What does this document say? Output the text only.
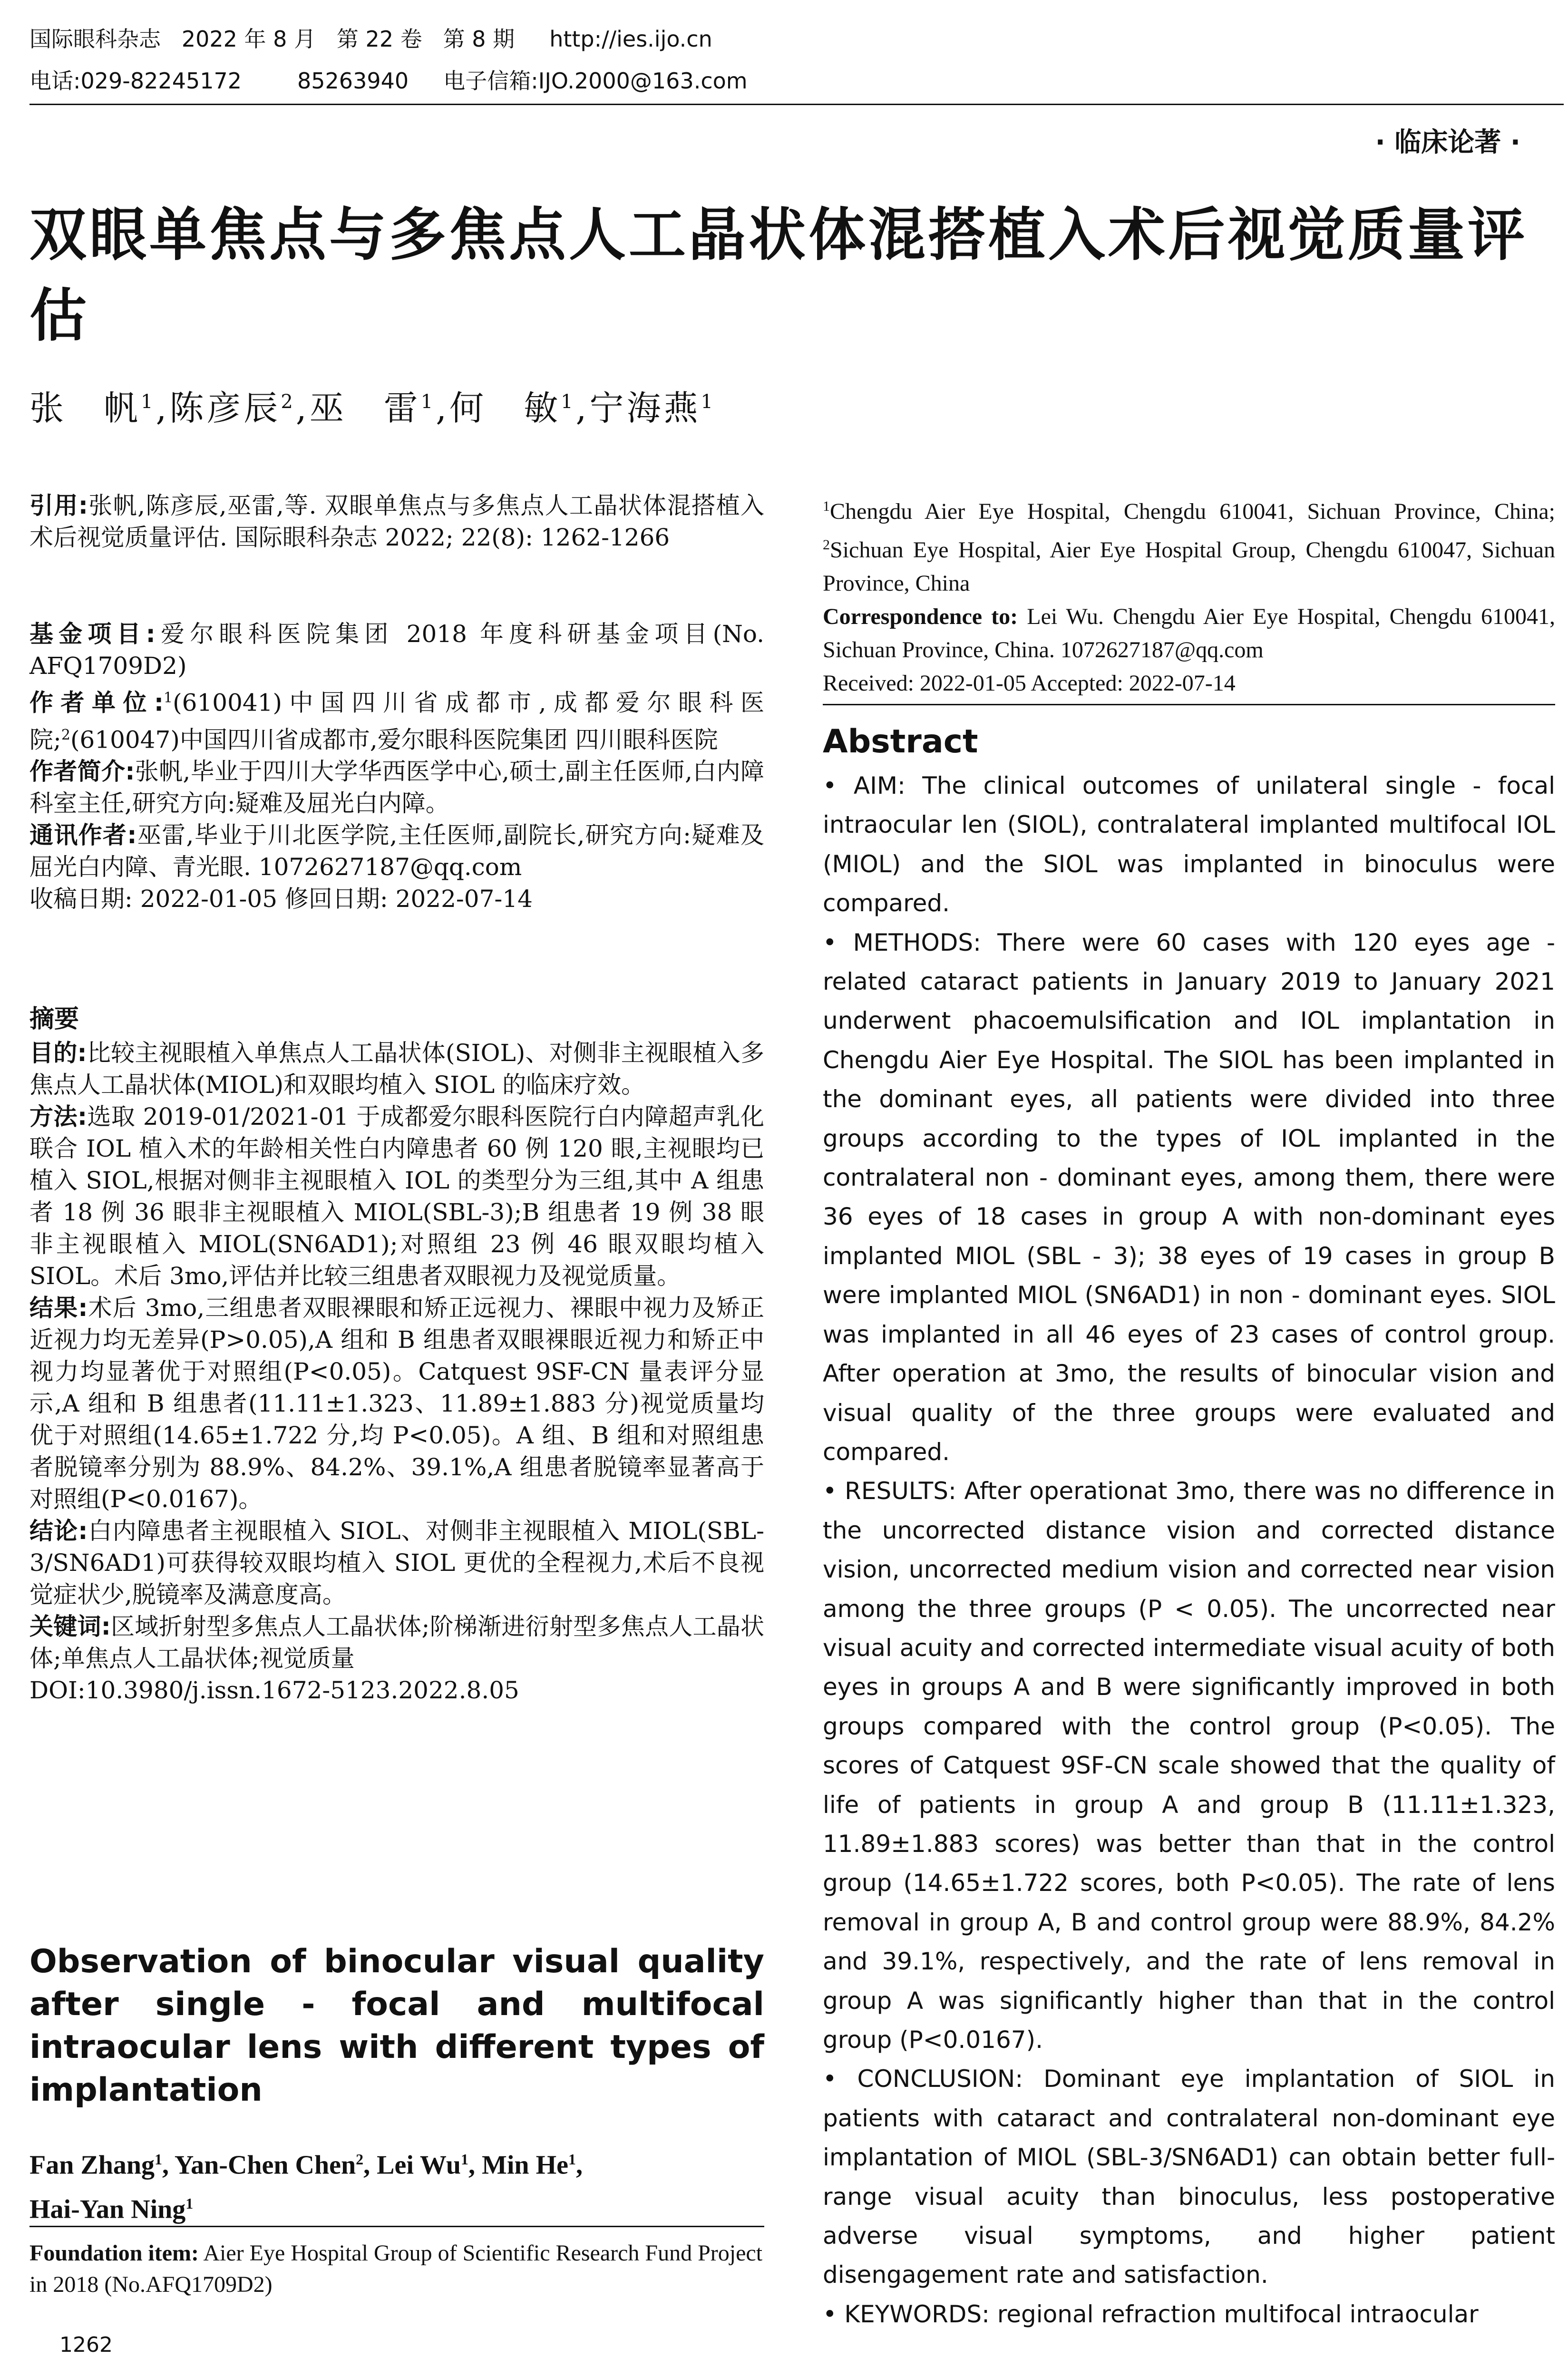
国际眼科杂志   2022 年 8 月   第 22 卷   第 8 期     http://ies.ijo.cn
电话:029-82245172        85263940     电子信箱:IJO.2000@163.com
· 临床论著 ·
双眼单焦点与多焦点人工晶状体混搭植入术后视觉质量评估
张　帆$^1$,陈彦辰$^2$,巫　雷$^1$,何　敏$^1$,宁海燕$^1$

引用:张帆,陈彦辰,巫雷,等. 双眼单焦点与多焦点人工晶状体混搭植入术后视觉质量评估. 国际眼科杂志 2022; 22(8): 1262-1266

基金项目:爱尔眼科医院集团 2018 年度科研基金项目(No. AFQ1709D2)

作者单位:$^1$(610041)中国四川省成都市,成都爱尔眼科医院;$^2$(610047)中国四川省成都市,爱尔眼科医院集团 四川眼科医院

作者简介:张帆,毕业于四川大学华西医学中心,硕士,副主任医师,白内障科室主任,研究方向:疑难及屈光白内障。

通讯作者:巫雷,毕业于川北医学院,主任医师,副院长,研究方向:疑难及屈光白内障、青光眼. 1072627187@qq.com

收稿日期: 2022-01-05 修回日期: 2022-07-14

摘要

目的:比较主视眼植入单焦点人工晶状体(SIOL)、对侧非主视眼植入多焦点人工晶状体(MIOL)和双眼均植入 SIOL 的临床疗效。

方法:选取 2019-01/2021-01 于成都爱尔眼科医院行白内障超声乳化联合 IOL 植入术的年龄相关性白内障患者 60 例 120 眼,主视眼均已植入 SIOL,根据对侧非主视眼植入 IOL 的类型分为三组,其中 A 组患者 18 例 36 眼非主视眼植入 MIOL(SBL-3);B 组患者 19 例 38 眼非主视眼植入 MIOL(SN6AD1);对照组 23 例 46 眼双眼均植入 SIOL。术后 3mo,评估并比较三组患者双眼视力及视觉质量。

结果:术后 3mo,三组患者双眼裸眼和矫正远视力、裸眼中视力及矫正近视力均无差异(P>0.05),A 组和 B 组患者双眼裸眼近视力和矫正中视力均显著优于对照组(P<0.05)。Catquest 9SF-CN 量表评分显示,A 组和 B 组患者(11.11±1.323、11.89±1.883 分)视觉质量均优于对照组(14.65±1.722 分,均 P<0.05)。A 组、B 组和对照组患者脱镜率分别为 88.9%、84.2%、39.1%,A 组患者脱镜率显著高于对照组(P<0.0167)。

结论:白内障患者主视眼植入 SIOL、对侧非主视眼植入 MIOL(SBL-3/SN6AD1)可获得较双眼均植入 SIOL 更优的全程视力,术后不良视觉症状少,脱镜率及满意度高。

关键词:区域折射型多焦点人工晶状体;阶梯渐进衍射型多焦点人工晶状体;单焦点人工晶状体;视觉质量

DOI:10.3980/j.issn.1672-5123.2022.8.05

Observation of binocular visual quality after single - focal and multifocal intraocular lens with different types of implantation

Fan Zhang$^1$, Yan-Chen Chen$^2$, Lei Wu$^1$, Min He$^1$,
Hai-Yan Ning$^1$

Foundation item: Aier Eye Hospital Group of Scientific Research Fund Project in 2018 (No.AFQ1709D2)

$^1$Chengdu Aier Eye Hospital, Chengdu 610041, Sichuan Province, China; $^2$Sichuan Eye Hospital, Aier Eye Hospital Group, Chengdu 610047, Sichuan Province, China

Correspondence to: Lei Wu. Chengdu Aier Eye Hospital, Chengdu 610041, Sichuan Province, China. 1072627187@qq.com

Received: 2022-01-05 Accepted: 2022-07-14

Abstract

• AIM: The clinical outcomes of unilateral single - focal intraocular len (SIOL), contralateral implanted multifocal IOL (MIOL) and the SIOL was implanted in binoculus were compared.

• METHODS: There were 60 cases with 120 eyes age - related cataract patients in January 2019 to January 2021 underwent phacoemulsification and IOL implantation in Chengdu Aier Eye Hospital. The SIOL has been implanted in the dominant eyes, all patients were divided into three groups according to the types of IOL implanted in the contralateral non - dominant eyes, among them, there were 36 eyes of 18 cases in group A with non-dominant eyes implanted MIOL (SBL - 3); 38 eyes of 19 cases in group B were implanted MIOL (SN6AD1) in non - dominant eyes. SIOL was implanted in all 46 eyes of 23 cases of control group. After operation at 3mo, the results of binocular vision and visual quality of the three groups were evaluated and compared.

• RESULTS: After operationat 3mo, there was no difference in the uncorrected distance vision and corrected distance vision, uncorrected medium vision and corrected near vision among the three groups (P < 0.05). The uncorrected near visual acuity and corrected intermediate visual acuity of both eyes in groups A and B were significantly improved in both groups compared with the control group (P<0.05). The scores of Catquest 9SF-CN scale showed that the quality of life of patients in group A and group B (11.11±1.323, 11.89±1.883 scores) was better than that in the control group (14.65±1.722 scores, both P<0.05). The rate of lens removal in group A, B and control group were 88.9%, 84.2% and 39.1%, respectively, and the rate of lens removal in group A was significantly higher than that in the control group (P<0.0167).

• CONCLUSION: Dominant eye implantation of SIOL in patients with cataract and contralateral non-dominant eye implantation of MIOL (SBL-3/SN6AD1) can obtain better full-range visual acuity than binoculus, less postoperative adverse visual symptoms, and higher patient disengagement rate and satisfaction.

• KEYWORDS: regional refraction multifocal intraocular

1262
